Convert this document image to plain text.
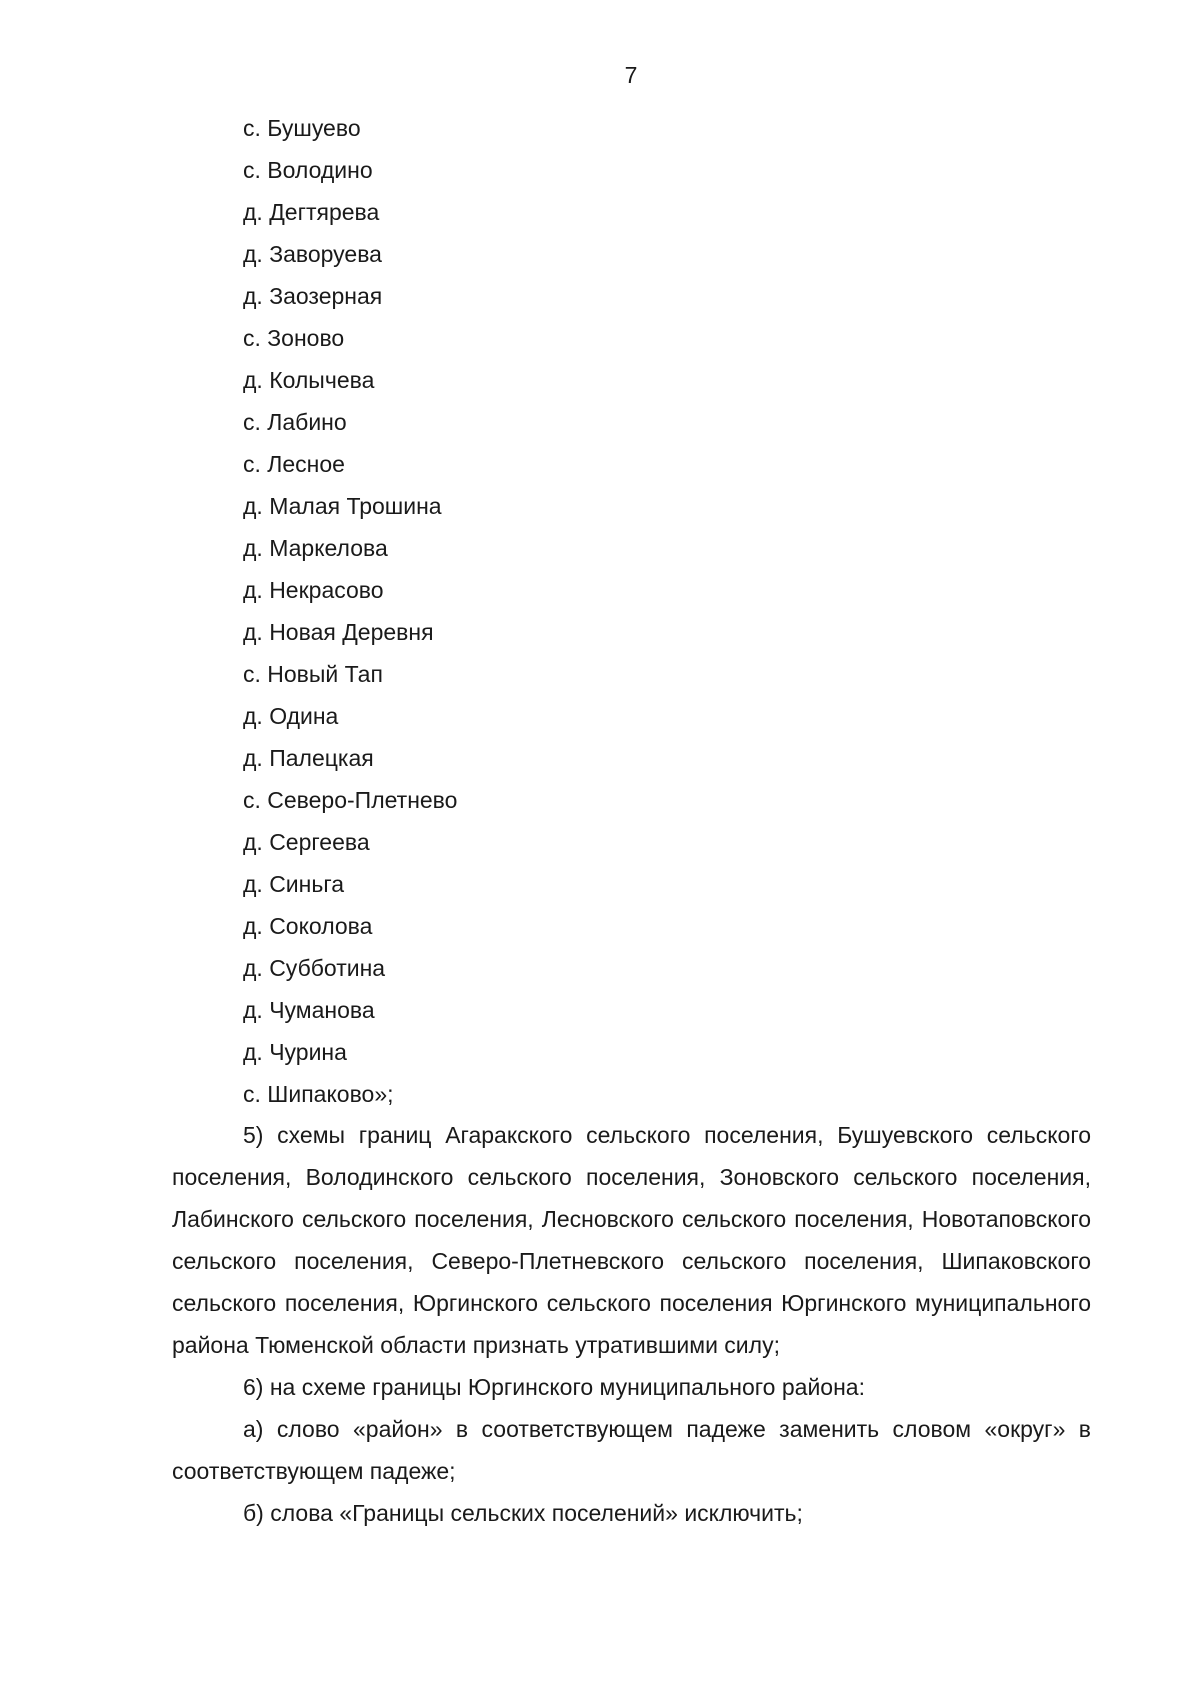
7
с. Бушуево
с. Володино
д. Дегтярева
д. Заворуева
д. Заозерная
с. Зоново
д. Колычева
с. Лабино
с. Лесное
д. Малая Трошина
д. Маркелова
д. Некрасово
д. Новая Деревня
с. Новый Тап
д. Одина
д. Палецкая
с. Северо-Плетнево
д. Сергеева
д. Синьга
д. Соколова
д. Субботина
д. Чуманова
д. Чурина
с. Шипаково»;

5) схемы границ Агаракского сельского поселения, Бушуевского сельского поселения, Володинского сельского поселения, Зоновского сельского поселения, Лабинского сельского поселения, Лесновского сельского поселения, Новотаповского сельского поселения, Северо-Плетневского сельского поселения, Шипаковского сельского поселения, Юргинского сельского поселения Юргинского муниципального района Тюменской области признать утратившими силу;

6) на схеме границы Юргинского муниципального района:

а) слово «район» в соответствующем падеже заменить словом «округ» в соответствующем падеже;

б) слова «Границы сельских поселений» исключить;
